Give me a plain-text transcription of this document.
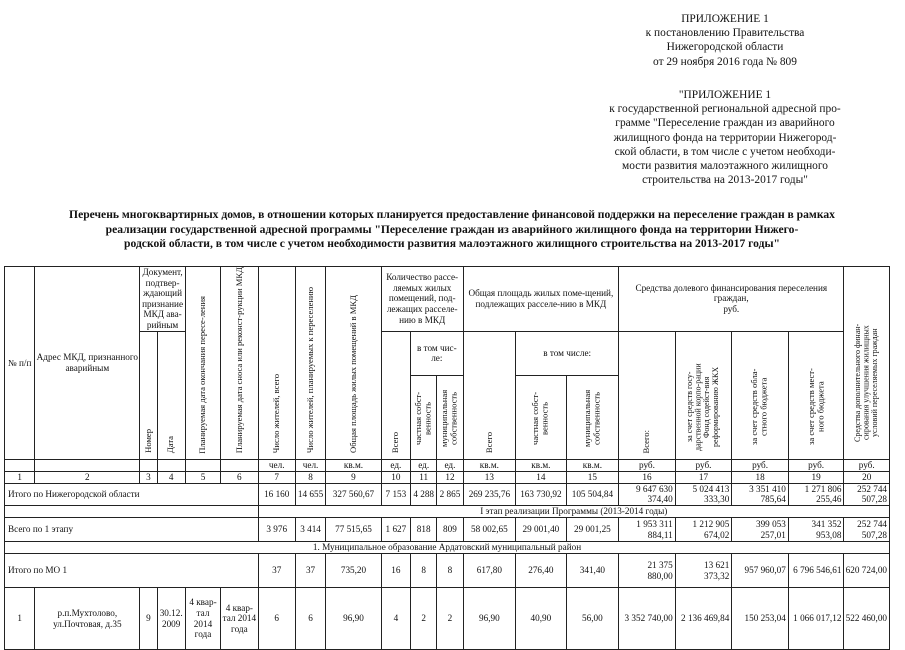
ПРИЛОЖЕНИЕ 1
к постановлению Правительства
Нижегородской области
от 29 ноября 2016 года № 809
"ПРИЛОЖЕНИЕ 1
к государственной региональной адресной про-
грамме "Переселение граждан из аварийного
жилищного фонда на территории Нижегород-
ской области, в том числе с учетом необходи-
мости развития малоэтажного жилищного
строительства на 2013-2017 годы"
Перечень многоквартирных домов, в отношении которых планируется предоставление финансовой поддержки на переселение граждан в рамках
реализации государственной адресной программы "Переселение граждан из аварийного жилищного фонда на территории Нижего-
родской области, в том числе с учетом необходимости развития малоэтажного жилищного строительства на 2013-2017 годы"
№ п/п	Адрес МКД, признанного аварийным	Документ, подтвер-ждающий признание МКД ава-рийным		Планируемая дата окончания пересе-ления	Планируемая дата сноса или реконст-рукции МКД	Число жителей, всего	Число жителей, планируемых к переселению	Общая площадь жилых помещений в МКД	Количество рассе-ляемых жилых помещений, под-лежащих расселе-нию в МКД			Общая площадь жилых поме-щений, подлежащих расселе-нию в МКД			Средства долевого финансирования переселения граждан,
руб.				Средства дополнительного финан-сирования улучшения жилищных условий переселяемых граждан
		Номер	Дата						Всего	в том чис-ле:		Всего	в том числе:		Всего:	за счет средств госу-дарственной корпо-рации Фонд содейст-вия реформированию ЖКХ	за счет средств обла-стного бюджета	за счет средств мест-ного бюджета	
										частная собст-венность	муниципальная собственность		частная собст-венность	муниципальная собственность					
						чел.	чел.	кв.м.	ед.	ед.	ед.	кв.м.	кв.м.	кв.м.	руб.	руб.	руб.	руб.	руб.
1	2	3	4	5	6	7	8	9	10	11	12	13	14	15	16	17	18	19	20
Итого по Нижегородской области						16 160	14 655	327 560,67	7 153	4 288	2 865	269 235,76	163 730,92	105 504,84	9 647 630 374,40	5 024 413 333,30	3 351 410 785,64	1 271 806 255,46	252 744 507,28
						I этап реализации Программы (2013-2014 годы)													
Всего по 1 этапу						3 976	3 414	77 515,65	1 627	818	809	58 002,65	29 001,40	29 001,25	1 953 311 884,11	1 212 905 674,02	399 053 257,01	341 352 953,08	252 744 507,28
1. Муниципальное образование Ардатовский муниципальный район																			
Итого по МО 1						37	37	735,20	16	8	8	617,80	276,40	341,40	21 375 880,00	13 621 373,32	957 960,07	6 796 546,61	620 724,00
1	р.п.Мухтолово, ул.Почтовая, д.35	9	30.12. 2009	4 квар-тал 2014 года	4 квар-тал 2014 года	6	6	96,90	4	2	2	96,90	40,90	56,00	3 352 740,00	2 136 469,84	150 253,04	1 066 017,12	522 460,00
